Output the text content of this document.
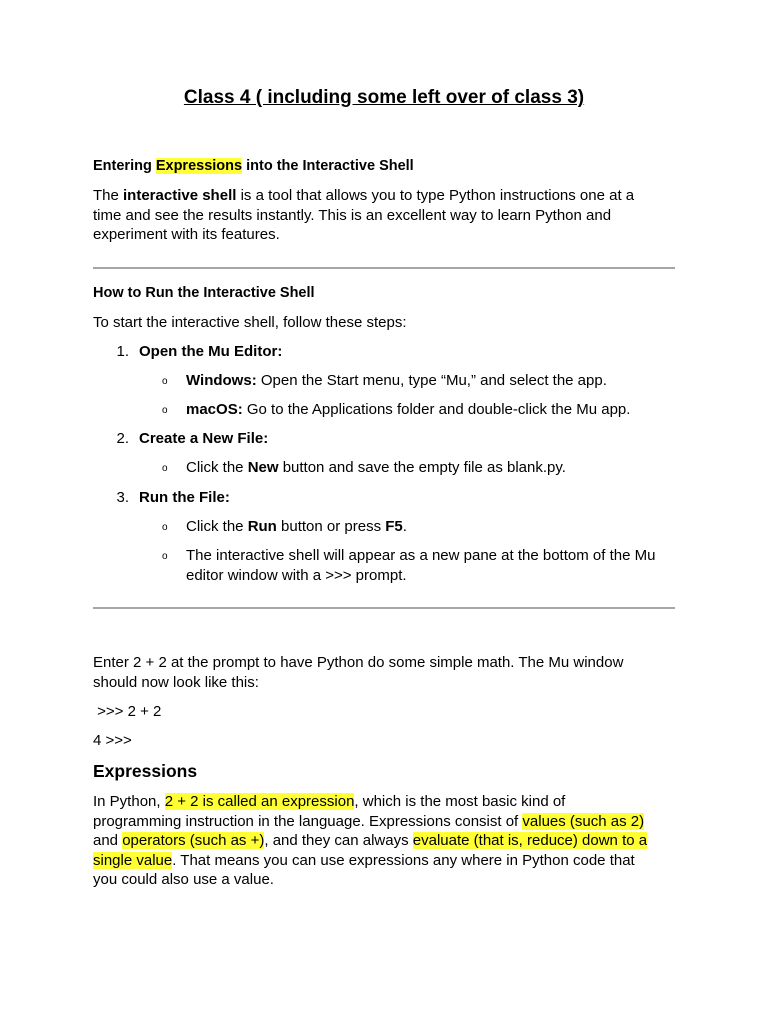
Class 4 ( including some left over of class 3)
Entering Expressions into the Interactive Shell
The interactive shell is a tool that allows you to type Python instructions one at a
time and see the results instantly. This is an excellent way to learn Python and
experiment with its features.
How to Run the Interactive Shell
To start the interactive shell, follow these steps:
1. Open the Mu Editor:
o Windows: Open the Start menu, type “Mu,” and select the app.
o macOS: Go to the Applications folder and double-click the Mu app.
2. Create a New File:
o Click the New button and save the empty file as blank.py.
3. Run the File:
o Click the Run button or press F5.
o The interactive shell will appear as a new pane at the bottom of the Mu
editor window with a >>> prompt.
Enter 2 + 2 at the prompt to have Python do some simple math. The Mu window
should now look like this:
>>> 2 + 2
4 >>>
Expressions
In Python, 2 + 2 is called an expression, which is the most basic kind of
programming instruction in the language. Expressions consist of values (such as 2)
and operators (such as +), and they can always evaluate (that is, reduce) down to a
single value. That means you can use expressions any where in Python code that
you could also use a value.
